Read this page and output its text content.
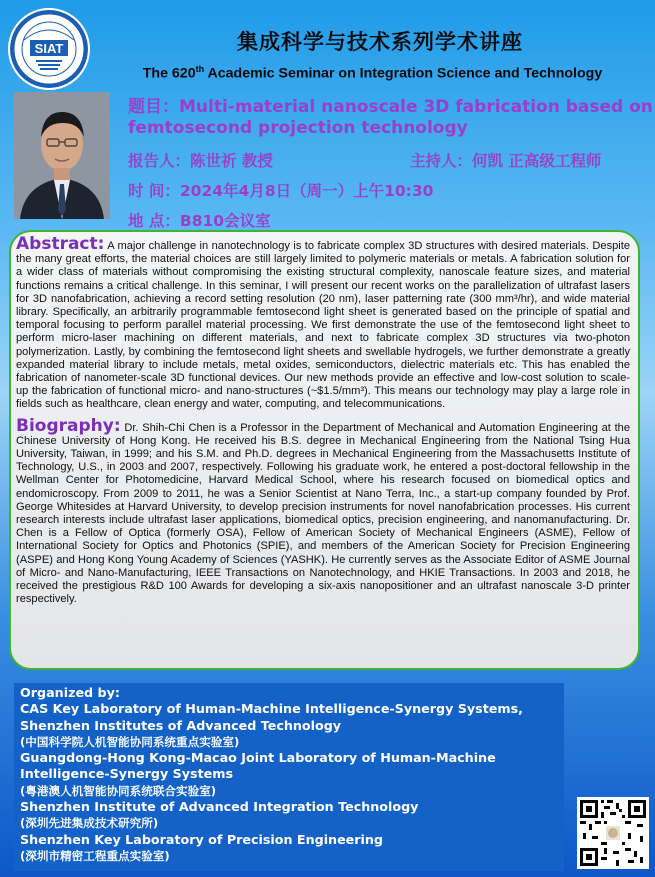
SIAT	集成科学与技术系列学术讲座
The 620th Academic Seminar on Integration Science and Technology
题目：Multi-material nanoscale 3D fabrication based on
femtosecond projection technology
报告人：陈世祈 教授	主持人：何凯 正高级工程师
时 间：2024年4月8日（周一）上午10:30
地 点：B810会议室

Abstract: A major challenge in nanotechnology is to fabricate complex 3D structures with desired materials. Despite the many great efforts, the material choices are still largely limited to polymeric materials or metals. A fabrication solution for a wider class of materials without compromising the existing structural complexity, nanoscale feature sizes, and material functions remains a critical challenge. In this seminar, I will present our recent works on the parallelization of ultrafast lasers for 3D nanofabrication, achieving a record setting resolution (20 nm), laser patterning rate (300 mm³/hr), and wide material library. Specifically, an arbitrarily programmable femtosecond light sheet is generated based on the principle of spatial and temporal focusing to perform parallel material processing. We first demonstrate the use of the femtosecond light sheet to perform micro-laser machining on different materials, and next to fabricate complex 3D structures via two-photon polymerization. Lastly, by combining the femtosecond light sheets and swellable hydrogels, we further demonstrate a greatly expanded material library to include metals, metal oxides, semiconductors, dielectric materials etc. This has enabled the fabrication of nanometer-scale 3D functional devices. Our new methods provide an effective and low-cost solution to scale-up the fabrication of functional micro- and nano-structures (~$1.5/mm³). This means our technology may play a large role in fields such as healthcare, clean energy and water, computing, and telecommunications.

Biography: Dr. Shih-Chi Chen is a Professor in the Department of Mechanical and Automation Engineering at the Chinese University of Hong Kong. He received his B.S. degree in Mechanical Engineering from the National Tsing Hua University, Taiwan, in 1999; and his S.M. and Ph.D. degrees in Mechanical Engineering from the Massachusetts Institute of Technology, U.S., in 2003 and 2007, respectively. Following his graduate work, he entered a post-doctoral fellowship in the Wellman Center for Photomedicine, Harvard Medical School, where his research focused on biomedical optics and endomicroscopy. From 2009 to 2011, he was a Senior Scientist at Nano Terra, Inc., a start-up company founded by Prof. George Whitesides at Harvard University, to develop precision instruments for novel nanofabrication processes. His current research interests include ultrafast laser applications, biomedical optics, precision engineering, and nanomanufacturing. Dr. Chen is a Fellow of Optica (formerly OSA), Fellow of American Society of Mechanical Engineers (ASME), Fellow of International Society for Optics and Photonics (SPIE), and members of the American Society for Precision Engineering (ASPE) and Hong Kong Young Academy of Sciences (YASHK). He currently serves as the Associate Editor of ASME Journal of Micro- and Nano-Manufacturing, IEEE Transactions on Nanotechnology, and HKIE Transactions. In 2003 and 2018, he received the prestigious R&D 100 Awards for developing a six-axis nanopositioner and an ultrafast nanoscale 3-D printer respectively.

Organized by:
CAS Key Laboratory of Human-Machine Intelligence-Synergy Systems,
Shenzhen Institutes of Advanced Technology
(中国科学院人机智能协同系统重点实验室)
Guangdong-Hong Kong-Macao Joint Laboratory of Human-Machine
Intelligence-Synergy Systems
(粤港澳人机智能协同系统联合实验室)
Shenzhen Institute of Advanced Integration Technology
(深圳先进集成技术研究所)
Shenzhen Key Laboratory of Precision Engineering
(深圳市精密工程重点实验室)
